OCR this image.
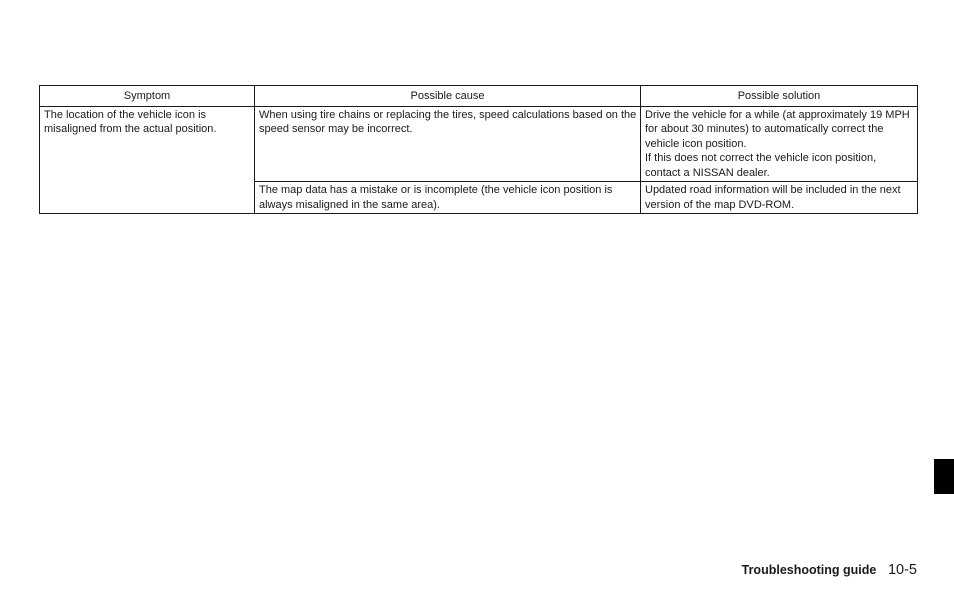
Symptom	Possible cause	Possible solution
The location of the vehicle icon is misaligned from the actual position.	When using tire chains or replacing the tires, speed calculations based on the speed sensor may be incorrect.	Drive the vehicle for a while (at approximately 19 MPH for about 30 minutes) to automatically correct the vehicle icon position.
If this does not correct the vehicle icon position, contact a NISSAN dealer.

	The map data has a mistake or is incomplete (the vehicle icon position is always misaligned in the same area).	Updated road information will be included in the next version of the map DVD-ROM.
Troubleshooting guide 10-5
